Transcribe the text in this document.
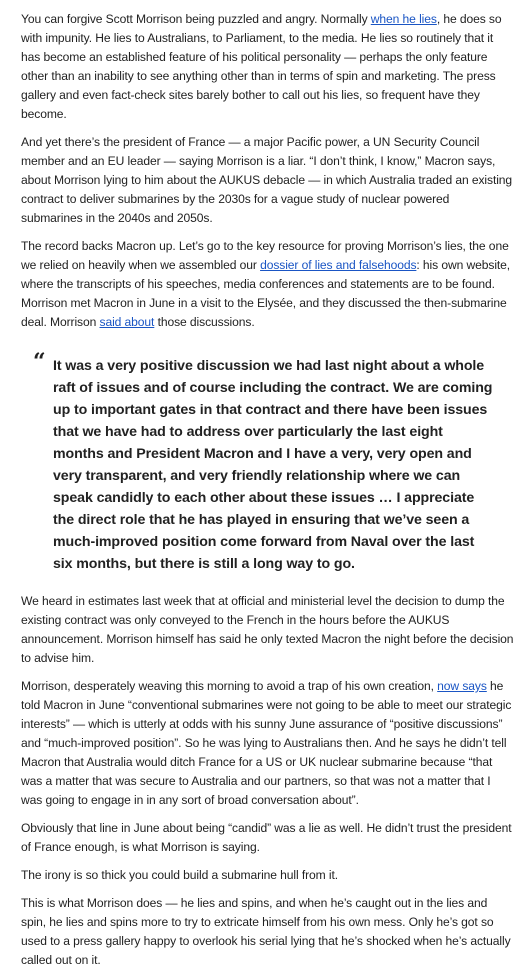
You can forgive Scott Morrison being puzzled and angry. Normally when he lies, he does so with impunity. He lies to Australians, to Parliament, to the media. He lies so routinely that it has become an established feature of his political personality — perhaps the only feature other than an inability to see anything other than in terms of spin and marketing. The press gallery and even fact-check sites barely bother to call out his lies, so frequent have they become.

And yet there’s the president of France — a major Pacific power, a UN Security Council member and an EU leader — saying Morrison is a liar. “I don’t think, I know,” Macron says, about Morrison lying to him about the AUKUS debacle — in which Australia traded an existing contract to deliver submarines by the 2030s for a vague study of nuclear powered submarines in the 2040s and 2050s.

The record backs Macron up. Let’s go to the key resource for proving Morrison’s lies, the one we relied on heavily when we assembled our dossier of lies and falsehoods: his own website, where the transcripts of his speeches, media conferences and statements are to be found. Morrison met Macron in June in a visit to the Elysée, and they discussed the then-submarine deal. Morrison said about those discussions.

“ It was a very positive discussion we had last night about a whole raft of issues and of course including the contract. We are coming up to important gates in that contract and there have been issues that we have had to address over particularly the last eight months and President Macron and I have a very, very open and very transparent, and very friendly relationship where we can speak candidly to each other about these issues … I appreciate the direct role that he has played in ensuring that we’ve seen a much-improved position come forward from Naval over the last six months, but there is still a long way to go.

We heard in estimates last week that at official and ministerial level the decision to dump the existing contract was only conveyed to the French in the hours before the AUKUS announcement. Morrison himself has said he only texted Macron the night before the decision to advise him.

Morrison, desperately weaving this morning to avoid a trap of his own creation, now says he told Macron in June “conventional submarines were not going to be able to meet our strategic interests” — which is utterly at odds with his sunny June assurance of “positive discussions” and “much-improved position”. So he was lying to Australians then. And he says he didn’t tell Macron that Australia would ditch France for a US or UK nuclear submarine because “that was a matter that was secure to Australia and our partners, so that was not a matter that I was going to engage in in any sort of broad conversation about”.

Obviously that line in June about being “candid” was a lie as well. He didn’t trust the president of France enough, is what Morrison is saying.

The irony is so thick you could build a submarine hull from it.

This is what Morrison does — he lies and spins, and when he’s caught out in the lies and spin, he lies and spins more to try to extricate himself from his own mess. Only he’s got so used to a press gallery happy to overlook his serial lying that he’s shocked when he’s actually called out on it.
